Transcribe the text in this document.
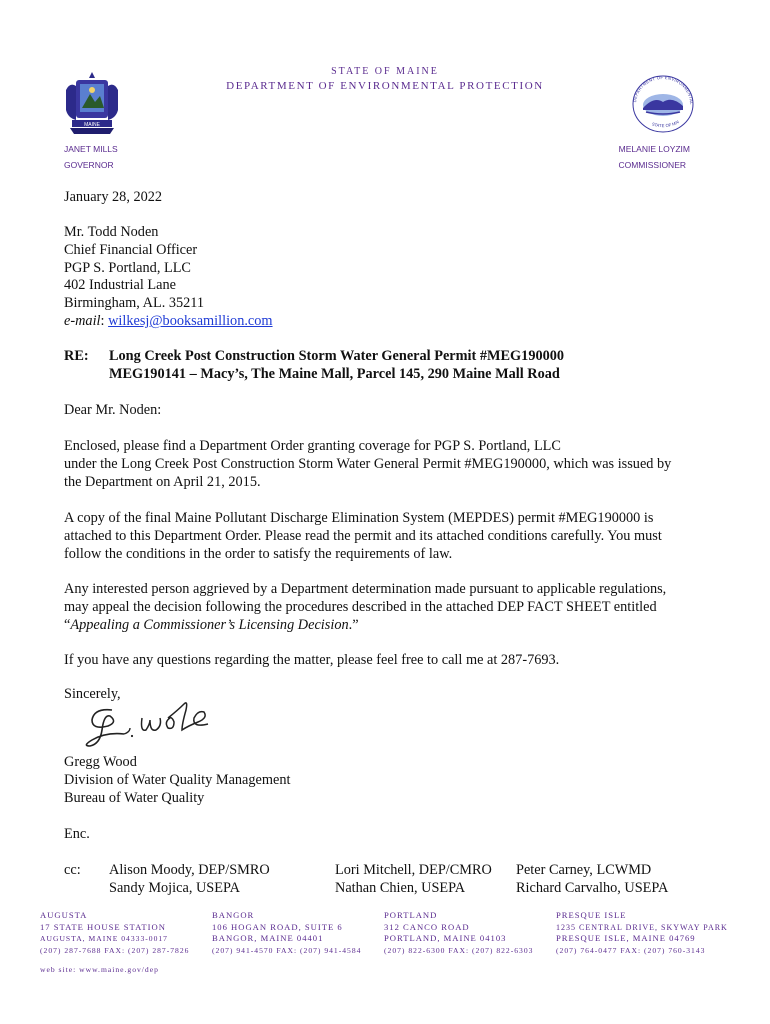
MAINE
STATE OF MAINE
DEPARTMENT OF ENVIRONMENTAL PROTECTION
DEPARTMENT OF ENVIRONMENTAL
STATE OF MAI
JANET MILLS
GOVERNOR
MELANIE LOYZIM
COMMISSIONER
January 28, 2022
Mr. Todd Noden
Chief Financial Officer
PGP S. Portland, LLC
402 Industrial Lane
Birmingham, AL. 35211
e-mail: wilkesj@booksamillion.com
RE: Long Creek Post Construction Storm Water General Permit #MEG190000
MEG190141 – Macy’s, The Maine Mall, Parcel 145, 290 Maine Mall Road
Dear Mr. Noden:
Enclosed, please find a Department Order granting coverage for PGP S. Portland, LLC
under the Long Creek Post Construction Storm Water General Permit #MEG190000, which was issued by
the Department on April 21, 2015.
A copy of the final Maine Pollutant Discharge Elimination System (MEPDES) permit #MEG190000 is
attached to this Department Order. Please read the permit and its attached conditions carefully. You must
follow the conditions in the order to satisfy the requirements of law.
Any interested person aggrieved by a Department determination made pursuant to applicable regulations,
may appeal the decision following the procedures described in the attached DEP FACT SHEET entitled
“Appealing a Commissioner’s Licensing Decision.”
If you have any questions regarding the matter, please feel free to call me at 287-7693.
Sincerely,
Gregg Wood
Division of Water Quality Management
Bureau of Water Quality
Enc.
cc: Alison Moody, DEP/SMRO
Sandy Mojica, USEPA
Lori Mitchell, DEP/CMRO
Nathan Chien, USEPA
Peter Carney, LCWMD
Richard Carvalho, USEPA
AUGUSTA
17 STATE HOUSE STATION
AUGUSTA, MAINE 04333-0017
(207) 287-7688 FAX: (207) 287-7826
BANGOR
106 HOGAN ROAD, SUITE 6
BANGOR, MAINE 04401
(207) 941-4570 FAX: (207) 941-4584
PORTLAND
312 CANCO ROAD
PORTLAND, MAINE 04103
(207) 822-6300 FAX: (207) 822-6303
PRESQUE ISLE
1235 CENTRAL DRIVE, SKYWAY PARK
PRESQUE ISLE, MAINE 04769
(207) 764-0477 FAX: (207) 760-3143
web site: www.maine.gov/dep
